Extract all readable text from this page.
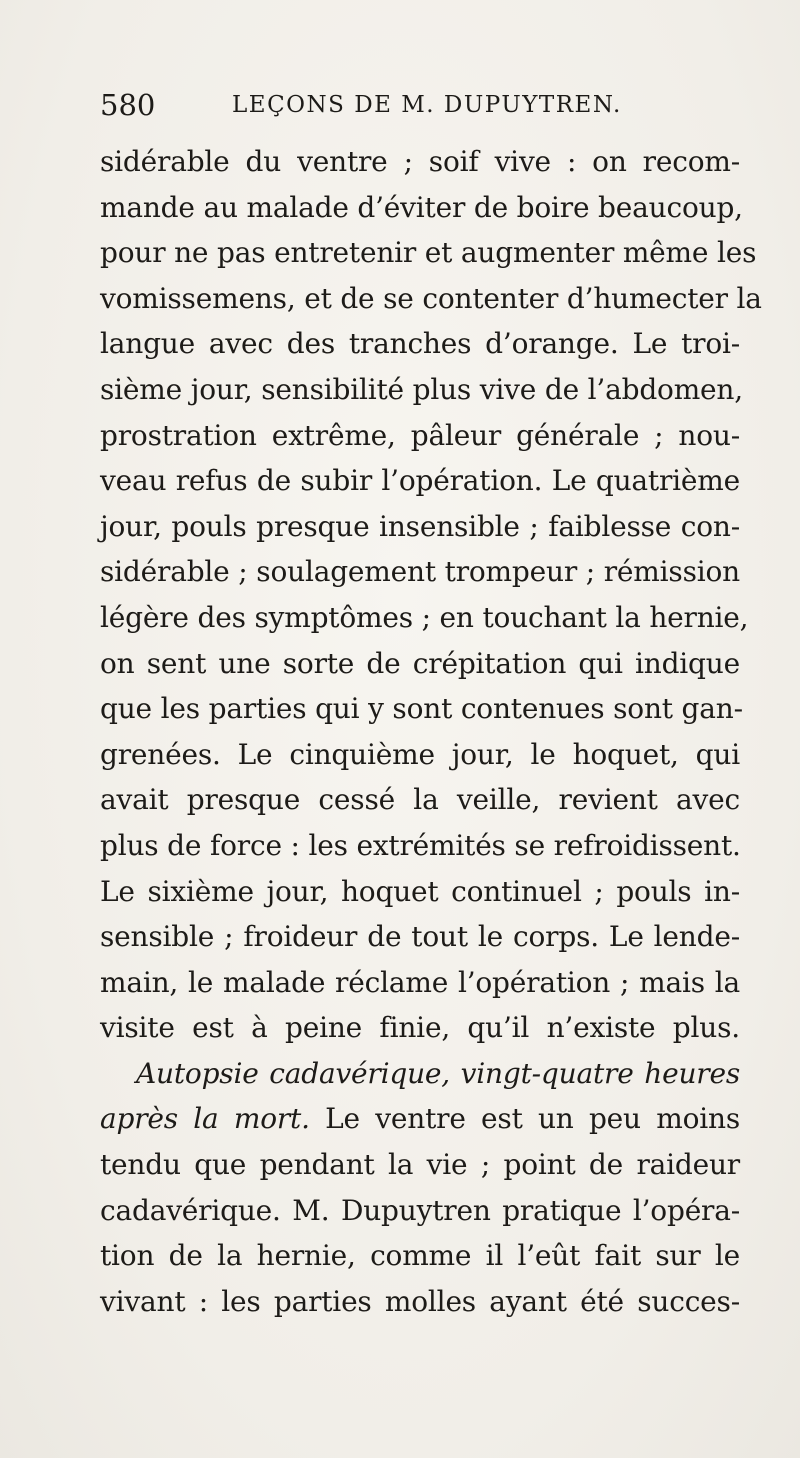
580	LEÇONS DE M. DUPUYTREN.
sidérable du ventre ; soif vive : on recom-
mande au malade d’éviter de boire beaucoup,
pour ne pas entretenir et augmenter même les
vomissemens, et de se contenter d’humecter la
langue avec des tranches d’orange. Le troi-
sième jour, sensibilité plus vive de l’abdomen,
prostration extrême, pâleur générale ; nou-
veau refus de subir l’opération. Le quatrième
jour, pouls presque insensible ; faiblesse con-
sidérable ; soulagement trompeur ; rémission
légère des symptômes ; en touchant la hernie,
on sent une sorte de crépitation qui indique
que les parties qui y sont contenues sont gan-
grenées. Le cinquième jour, le hoquet, qui
avait presque cessé la veille, revient avec
plus de force : les extrémités se refroidissent.
Le sixième jour, hoquet continuel ; pouls in-
sensible ; froideur de tout le corps. Le lende-
main, le malade réclame l’opération ; mais la
visite est à peine finie, qu’il n’existe plus.
Autopsie cadavérique, vingt-quatre heures
après la mort. Le ventre est un peu moins
tendu que pendant la vie ; point de raideur
cadavérique. M. Dupuytren pratique l’opéra-
tion de la hernie, comme il l’eût fait sur le
vivant : les parties molles ayant été succes-
